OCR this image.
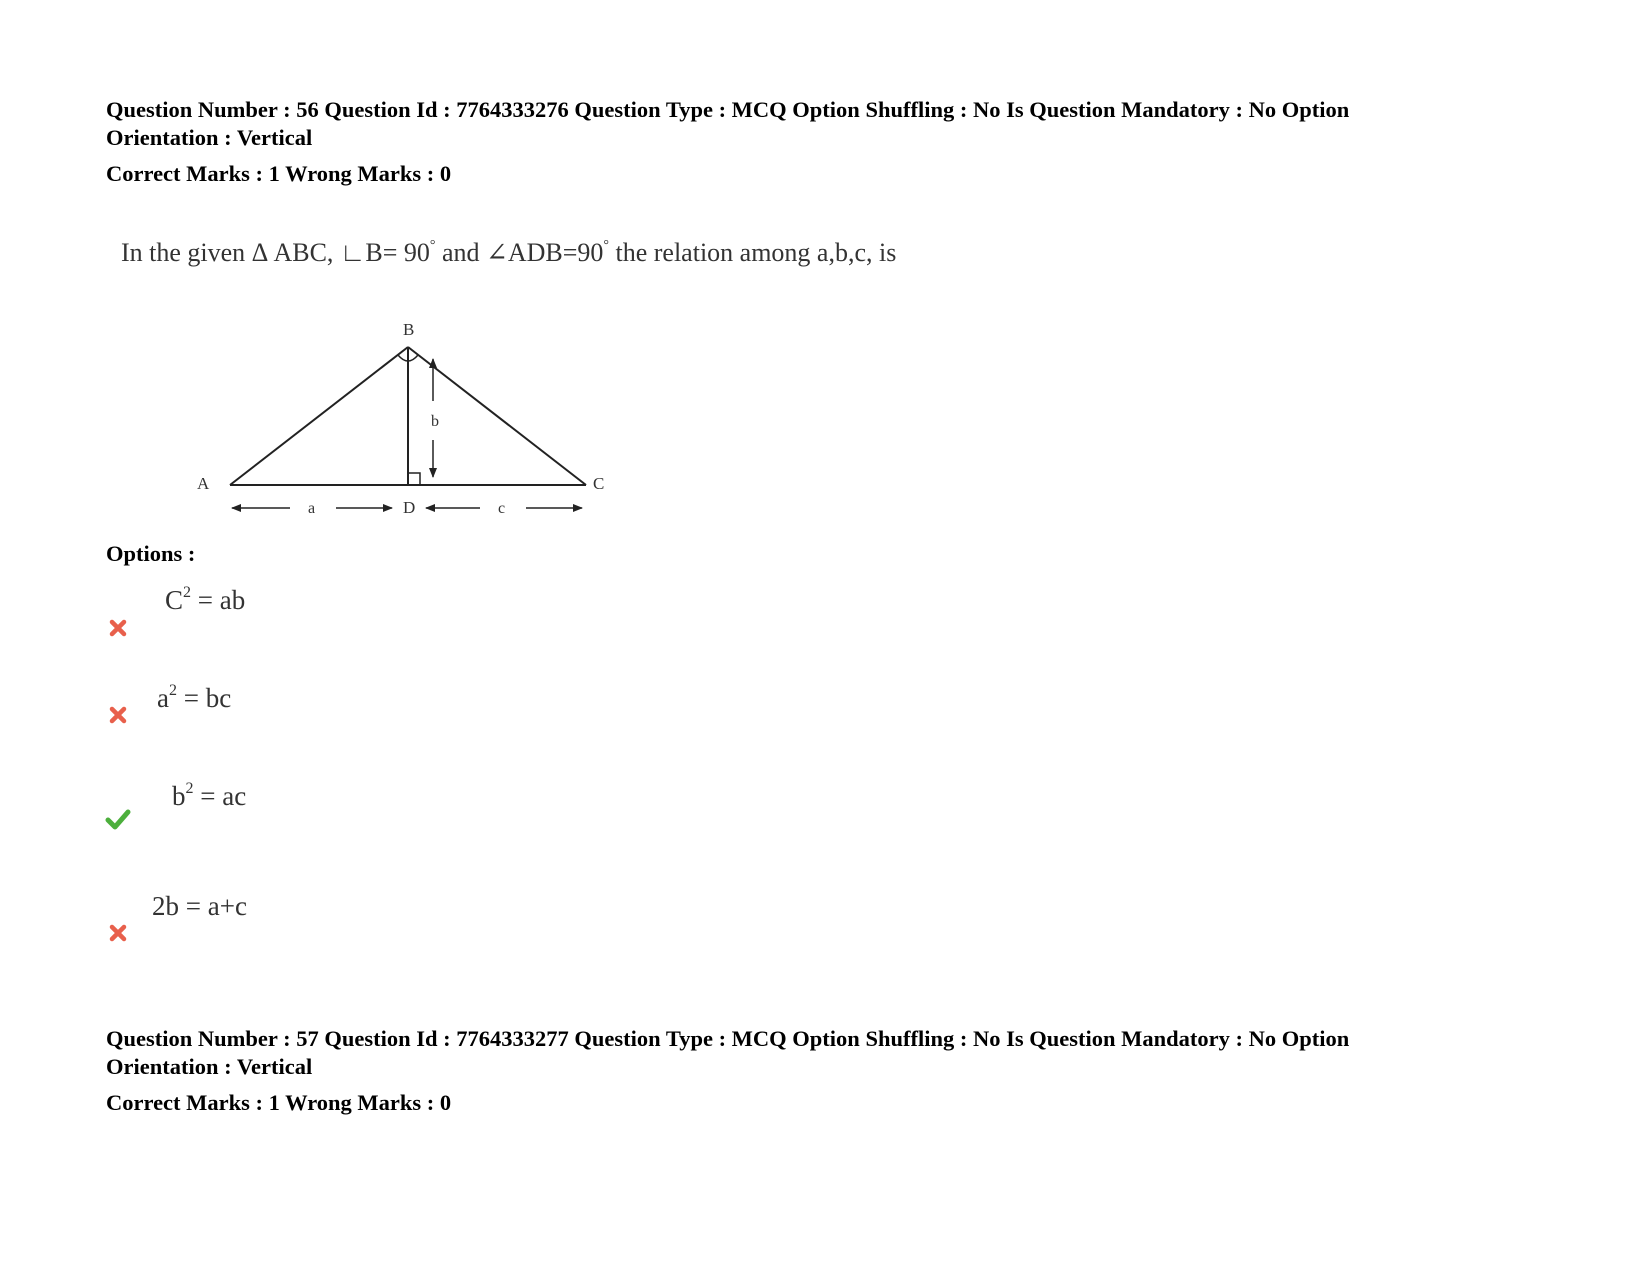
Question Number : 56 Question Id : 7764333276 Question Type : MCQ Option Shuffling : No Is Question Mandatory : No Option
Orientation : Vertical
Correct Marks : 1 Wrong Marks : 0
In the given Δ ABC, ∟B= 90° and ∠ADB=90° the relation among a,b,c, is
B
A	C
D
b
a	c
Options :
$C^2$ = ab
$a^2$ = bc
$b^2$ = ac
2b = a+c
Question Number : 57 Question Id : 7764333277 Question Type : MCQ Option Shuffling : No Is Question Mandatory : No Option
Orientation : Vertical
Correct Marks : 1 Wrong Marks : 0
